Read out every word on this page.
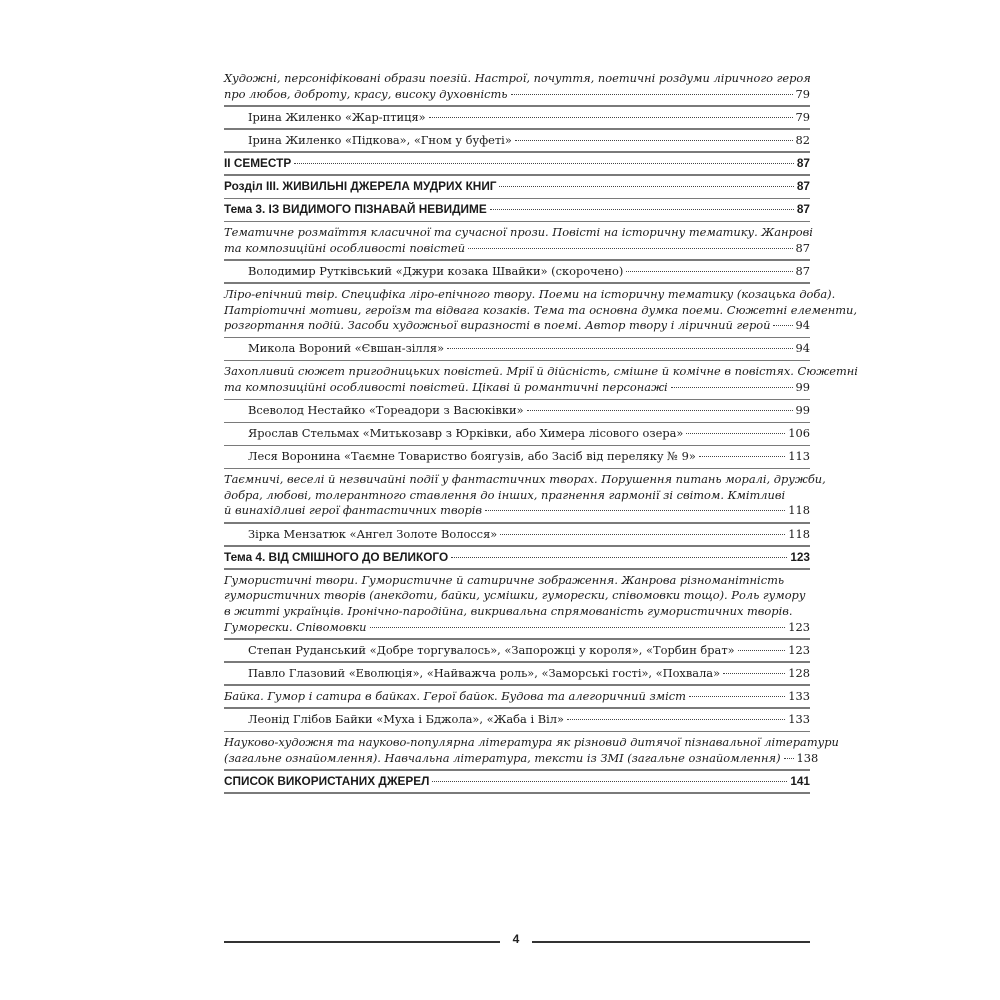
Художні, персоніфіковані образи поезій. Настрої, почуття, поетичні роздуми ліричного героя
про любов, доброту, красу, високу духовність	79
Ірина Жиленко «Жар-птиця»	79
Ірина Жиленко «Підкова», «Гном у буфеті»	82
ІІ СЕМЕСТР	87
Розділ ІІІ. ЖИВИЛЬНІ ДЖЕРЕЛА МУДРИХ КНИГ	87
Тема 3. ІЗ ВИДИМОГО ПІЗНАВАЙ НЕВИДИМЕ	87
Тематичне розмаїття класичної та сучасної прози. Повісті на історичну тематику. Жанрові
та композиційні особливості повістей	87
Володимир Рутківський «Джури козака Швайки» (скорочено)	87
Ліро-епічний твір. Специфіка ліро-епічного твору. Поеми на історичну тематику (козацька доба).
Патріотичні мотиви, героїзм та відвага козаків. Тема та основна думка поеми. Сюжетні елементи,
розгортання подій. Засоби художньої виразності в поемі. Автор твору і ліричний герой 94
Микола Вороний «Євшан-зілля»	94
Захопливий сюжет пригодницьких повістей. Мрії й дійсність, смішне й комічне в повістях. Сюжетні
та композиційні особливості повістей. Цікаві й романтичні персонажі	99
Всеволод Нестайко «Тореадори з Васюківки»	99
Ярослав Стельмах «Митькозавр з Юрківки, або Химера лісового озера»	106
Леся Воронина «Таємне Товариство боягузів, або Засіб від переляку № 9»	113
Таємничі, веселі й незвичайні події у фантастичних творах. Порушення питань моралі, дружби,
добра, любові, толерантного ставлення до інших, прагнення гармонії зі світом. Кмітливі
й винахідливі герої фантастичних творів	118
Зірка Мензатюк «Ангел Золоте Волосся»	118
Тема 4. ВІД СМІШНОГО ДО ВЕЛИКОГО	123
Гумористичні твори. Гумористичне й сатиричне зображення. Жанрова різноманітність
гумористичних творів (анекдоти, байки, усмішки, гуморески, співомовки тощо). Роль гумору
в житті українців. Іронічно-пародійна, викривальна спрямованість гумористичних творів.
Гуморески. Співомовки	123
Степан Руданський «Добре торгувалось», «Запорожці у короля», «Торбин брат»	123
Павло Глазовий «Еволюція», «Найважча роль», «Заморські гості», «Похвала»	128
Байка. Гумор і сатира в байках. Герої байок. Будова та алегоричний зміст	133
Леонід Глібов Байки «Муха і Бджола», «Жаба і Віл»	133
Науково-художня та науково-популярна література як різновид дитячої пізнавальної літератури
(загальне ознайомлення). Навчальна література, тексти із ЗМІ (загальне ознайомлення) 138
СПИСОК ВИКОРИСТАНИХ ДЖЕРЕЛ	141
4
